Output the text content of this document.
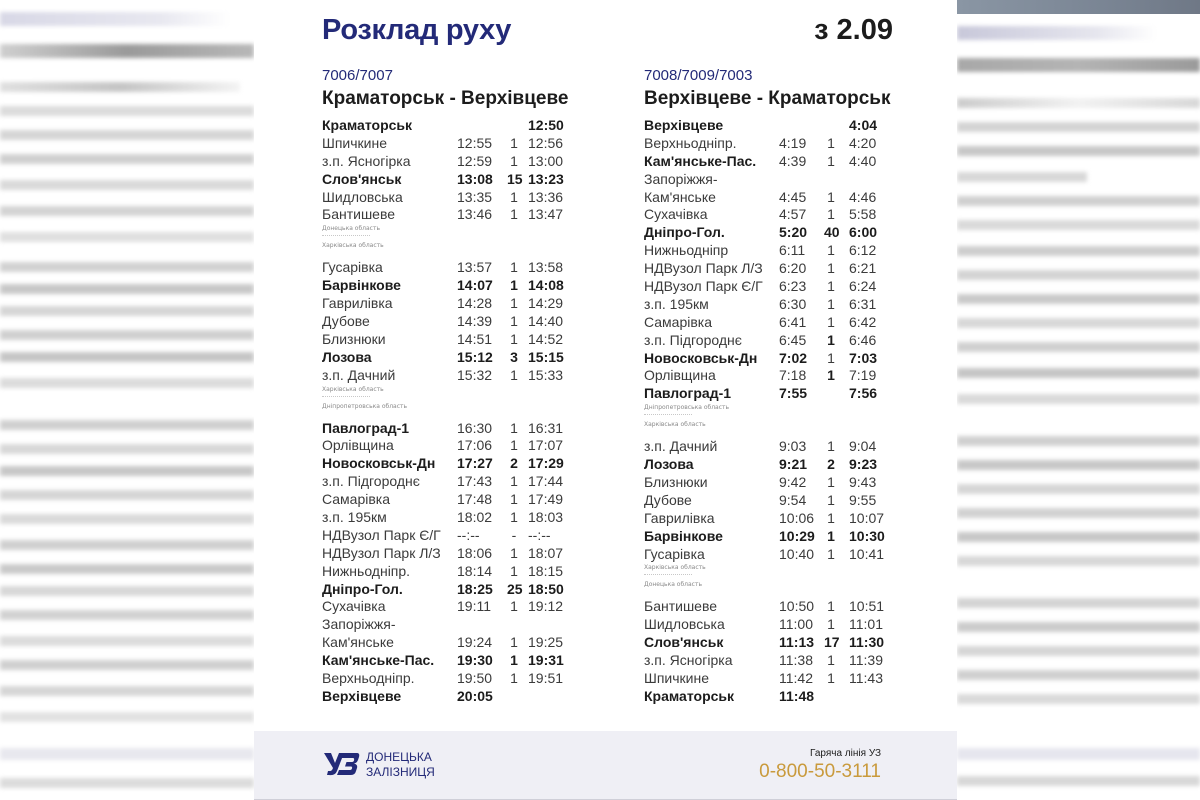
Розклад руху	з 2.09
7006/7007
Краматорськ - Верхівцеве
Краматорськ	12:50
Шпичкине	12:55 1 12:56
з.п. Ясногірка	12:59 1 13:00
Слов'янськ	13:08 15 13:23
Шидловська	13:35 1 13:36
Бантишеве	13:46 1 13:47
Донецька область
Харківська область
Гусарівка	13:57 1 13:58
Барвінкове	14:07 1 14:08
Гаврилівка	14:28 1 14:29
Дубове	14:39 1 14:40
Близнюки	14:51 1 14:52
Лозова	15:12 3 15:15
з.п. Дачний	15:32 1 15:33
Харківська область
Дніпропетровська область
Павлоград-1	16:30 1 16:31
Орлівщина	17:06 1 17:07
Новосковськ-Дн 17:27 2 17:29
з.п. Підгороднє	17:43 1 17:44
Самарівка	17:48 1 17:49
з.п. 195км	18:02 1 18:03
НДВузол Парк Є/Г --:--	- --:--
НДВузол Парк Л/З 18:06 1 18:07
Нижньодніпр.	18:14 1 18:15
Дніпро-Гол.	18:25 25 18:50
Сухачівка	19:11 1 19:12
Запоріжжя-
Кам'янське	19:24 1 19:25
Кам'янське-Пас. 19:30 1 19:31
Верхньодніпр.	19:50 1 19:51
Верхівцеве	20:05
7008/7009/7003
Верхівцеве - Краматорськ
Верхівцеве	4:04
Верхньодніпр.	4:19 1 4:20
Кам'янське-Пас. 4:39 1 4:40
Запоріжжя-
Кам'янське	4:45 1 4:46
Сухачівка	4:57 1 5:58
Дніпро-Гол.	5:20 40 6:00
Нижньодніпр	6:11 1 6:12
НДВузол Парк Л/З 6:20 1 6:21
НДВузол Парк Є/Г 6:23 1 6:24
з.п. 195км	6:30 1 6:31
Самарівка	6:41 1 6:42
з.п. Підгороднє	6:45 1 6:46
Новосковськ-Дн 7:02 1 7:03
Орлівщина	7:18 1 7:19
Павлоград-1	7:55	7:56
Дніпропетровська область
Харківська область
з.п. Дачний	9:03 1 9:04
Лозова	9:21 2 9:23
Близнюки	9:42 1 9:43
Дубове	9:54 1 9:55
Гаврилівка	10:06 1 10:07
Барвінкове	10:29 1 10:30
Гусарівка	10:40 1 10:41
Харківська область
Донецька область
Бантишеве	10:50 1 10:51
Шидловська	11:00 1 11:01
Слов'янськ	11:13 17 11:30
з.п. Ясногірка	11:38 1 11:39
Шпичкине	11:42 1 11:43
Краматорськ	11:48
ДОНЕЦЬКА
ЗАЛІЗНИЦЯ
Гаряча лінія УЗ
0-800-50-3111
